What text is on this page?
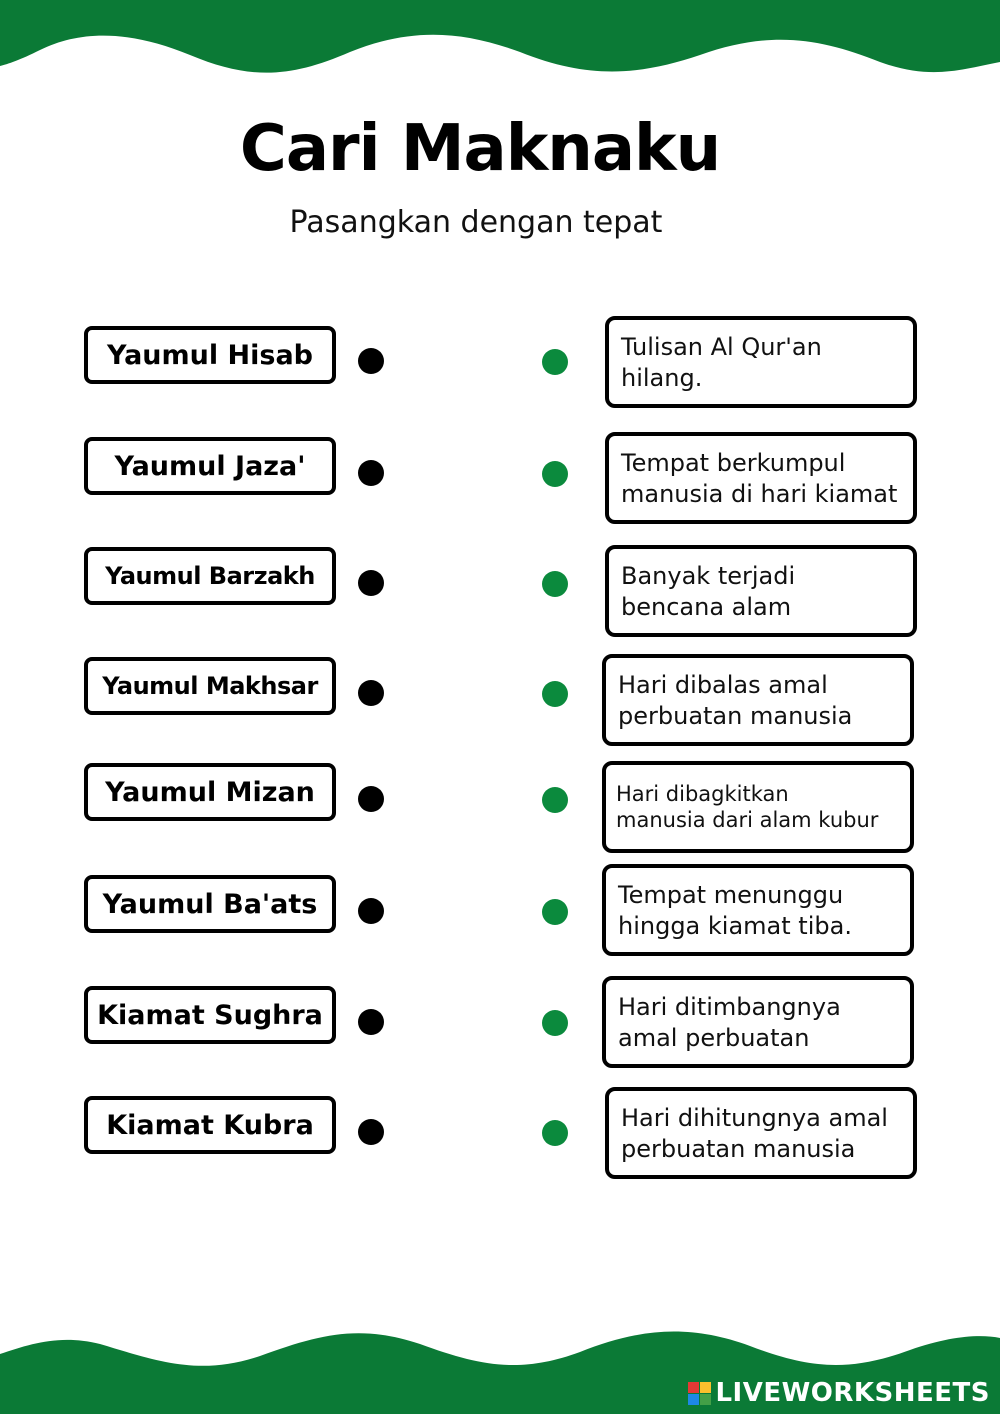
Cari Maknaku
Pasangkan dengan tepat
Yaumul Hisab
Yaumul Jaza'
Yaumul Barzakh
Yaumul Makhsar
Yaumul Mizan
Yaumul Ba'ats
Kiamat Sughra
Kiamat Kubra
Tulisan Al Qur'an
hilang.
Tempat berkumpul
manusia di hari kiamat
Banyak terjadi
bencana alam
Hari dibalas amal
perbuatan manusia
Hari dibagkitkan
manusia dari alam kubur
Tempat menunggu
hingga kiamat tiba.
Hari ditimbangnya
amal perbuatan
Hari dihitungnya amal
perbuatan manusia
LIVEWORKSHEETS
